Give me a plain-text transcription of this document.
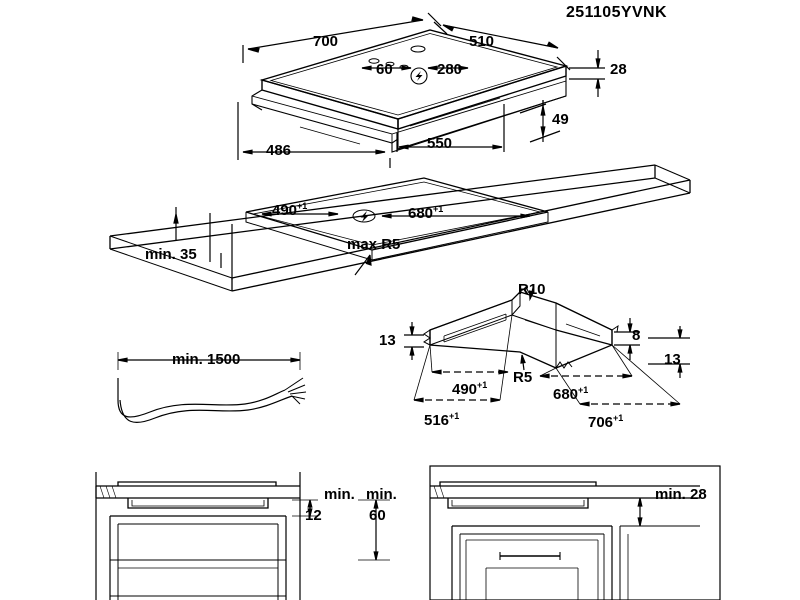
251105YVNK
700	510
28
60	280
49
486	550
$490^{+1}$	$680^{+1}$
max R5
min. 35
R10
13	8
13
R5
$490^{+1}$
$680^{+1}$
$516^{+1}$	$706^{+1}$
min. 1500
min.
12
min.
60
min. 28
